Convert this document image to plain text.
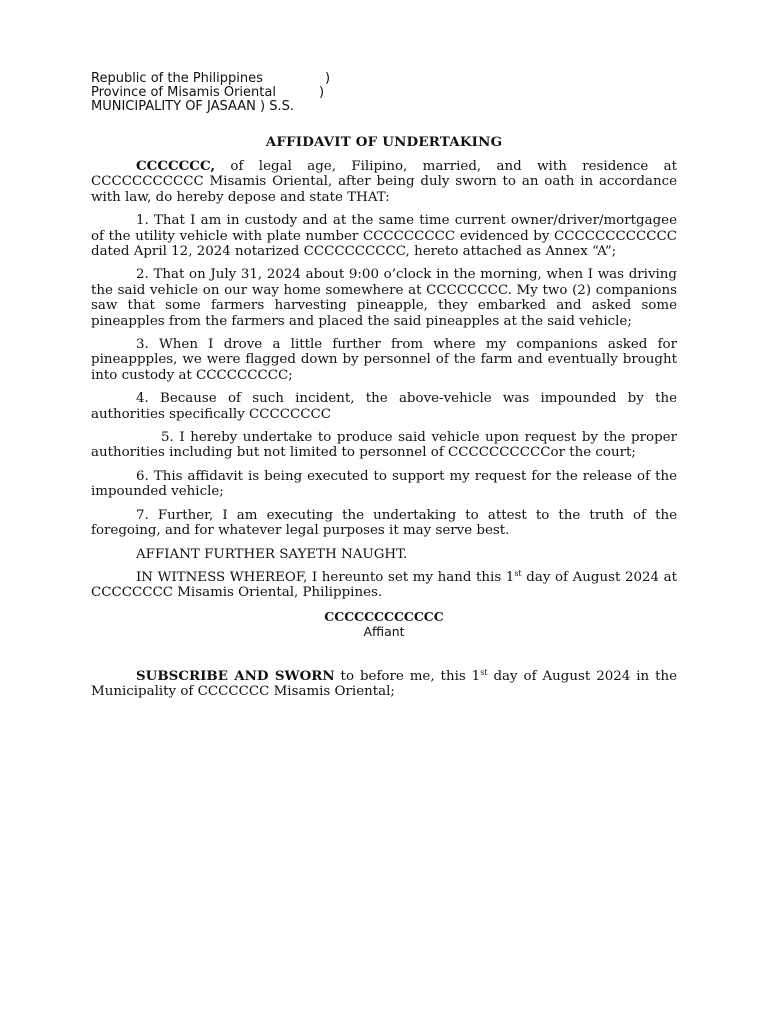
Republic of the Philippines	)
Province of Misamis Oriental	)
MUNICIPALITY OF JASAAN ) S.S.
AFFIDAVIT OF UNDERTAKING

CCCCCCC, of legal age, Filipino, married, and with residence at CCCCCCCCCCC Misamis Oriental, after being duly sworn to an oath in accordance with law, do hereby depose and state THAT:

1. That I am in custody and at the same time current owner/driver/mortgagee of the utility vehicle with plate number CCCCCCCCC evidenced by CCCCCCCCCCCC dated April 12, 2024 notarized CCCCCCCCCC, hereto attached as Annex “A”;

2. That on July 31, 2024 about 9:00 o’clock in the morning, when I was driving the said vehicle on our way home somewhere at CCCCCCCC. My two (2) companions saw that some farmers harvesting pineapple, they embarked and asked some pineapples from the farmers and placed the said pineapples at the said vehicle;

3. When I drove a little further from where my companions asked for pineappples, we were flagged down by personnel of the farm and eventually brought into custody at CCCCCCCCC;

4. Because of such incident, the above-vehicle was impounded by the authorities specifically CCCCCCCC

5. I hereby undertake to produce said vehicle upon request by the proper authorities including but not limited to personnel of CCCCCCCCCCor the court;

6. This affidavit is being executed to support my request for the release of the impounded vehicle;

7. Further, I am executing the undertaking to attest to the truth of the foregoing, and for whatever legal purposes it may serve best.

AFFIANT FURTHER SAYETH NAUGHT.

IN WITNESS WHEREOF, I hereunto set my hand this 1st day of August 2024 at CCCCCCCC Misamis Oriental, Philippines.

CCCCCCCCCCCC
Affiant

SUBSCRIBE AND SWORN to before me, this 1st day of August 2024 in the Municipality of CCCCCCC Misamis Oriental;
